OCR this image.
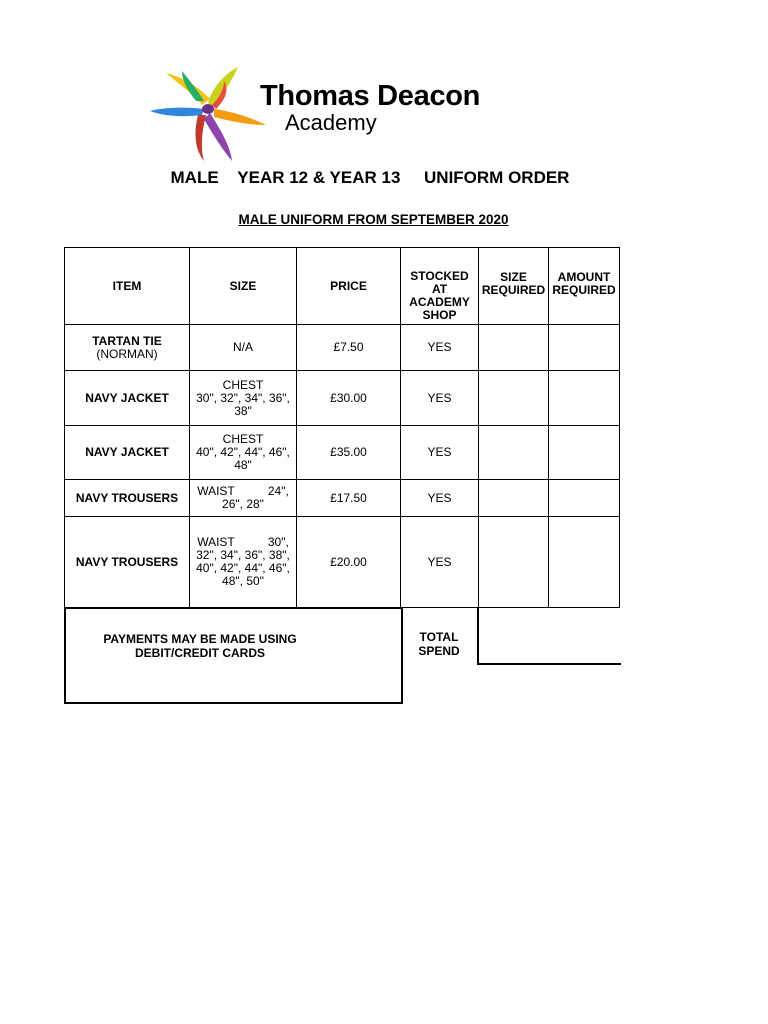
Thomas Deacon
Academy
MALE    YEAR 12 & YEAR 13     UNIFORM ORDER
MALE UNIFORM FROM SEPTEMBER 2020
ITEM	SIZE	PRICE	STOCKED AT ACADEMY SHOP	SIZE REQUIRED	AMOUNT REQUIRED

TARTAN TIE
(NORMAN)	N/A	£7.50	YES		
NAVY JACKET	CHEST
30", 32", 34", 36",
38"	£30.00	YES		
NAVY JACKET	CHEST
40", 42", 44", 46",
48"	£35.00	YES		
NAVY TROUSERS	WAIST          24",
26", 28"	£17.50	YES		
NAVY TROUSERS	WAIST          30",
32", 34", 36", 38",
40", 42", 44", 46",
48", 50"	£20.00	YES		
PAYMENTS MAY BE MADE USING
DEBIT/CREDIT CARDS
TOTAL
SPEND
